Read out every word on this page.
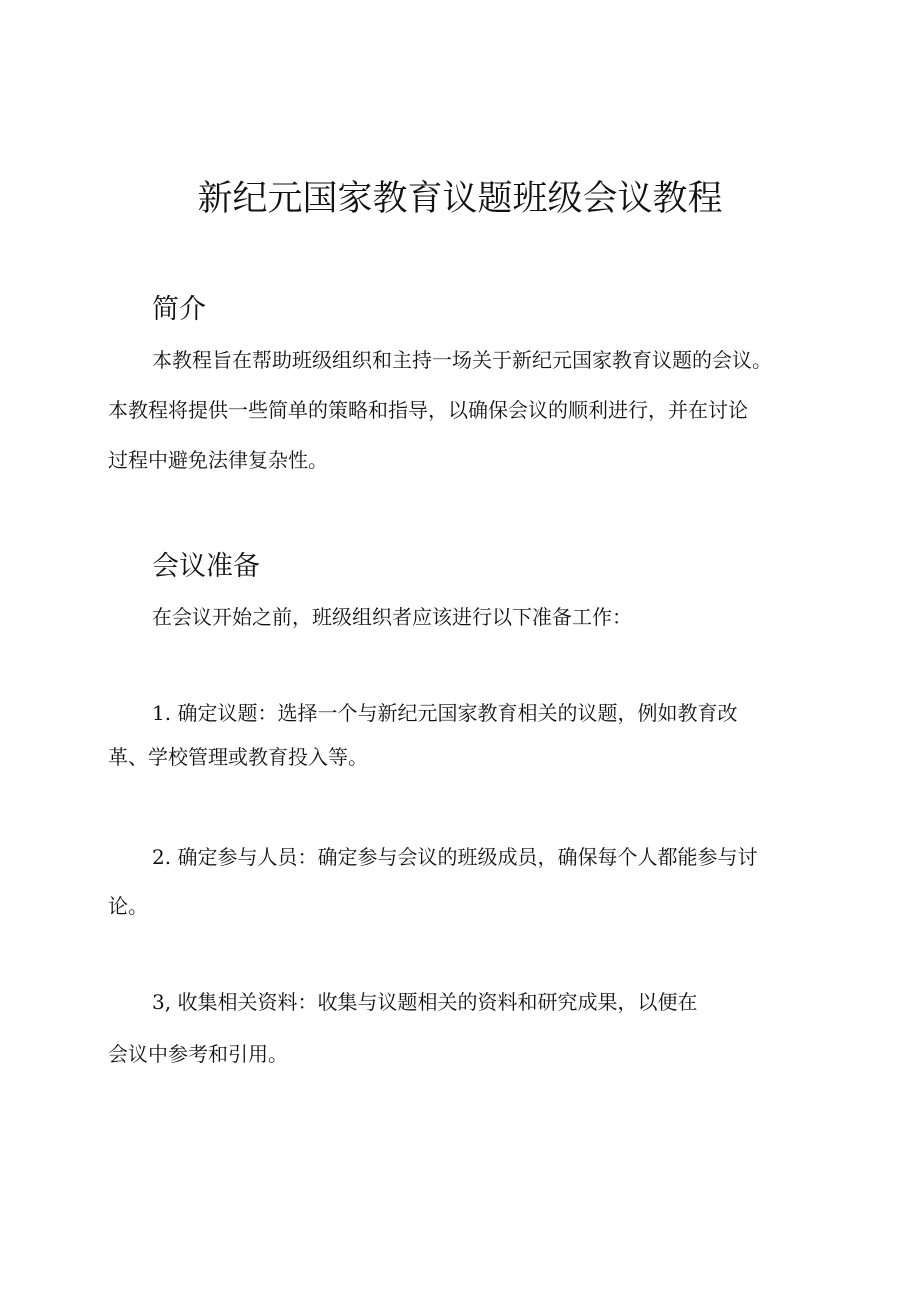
新纪元国家教育议题班级会议教程
简介

本教程旨在帮助班级组织和主持一场关于新纪元国家教育议题的会议。

本教程将提供一些简单的策略和指导，以确保会议的顺利进行，并在讨论

过程中避免法律复杂性。

会议准备

在会议开始之前，班级组织者应该进行以下准备工作：

1. 确定议题：选择一个与新纪元国家教育相关的议题，例如教育改

革、学校管理或教育投入等。

2. 确定参与人员：确定参与会议的班级成员，确保每个人都能参与讨

论。

3, 收集相关资料：收集与议题相关的资料和研究成果，以便在

会议中参考和引用。
